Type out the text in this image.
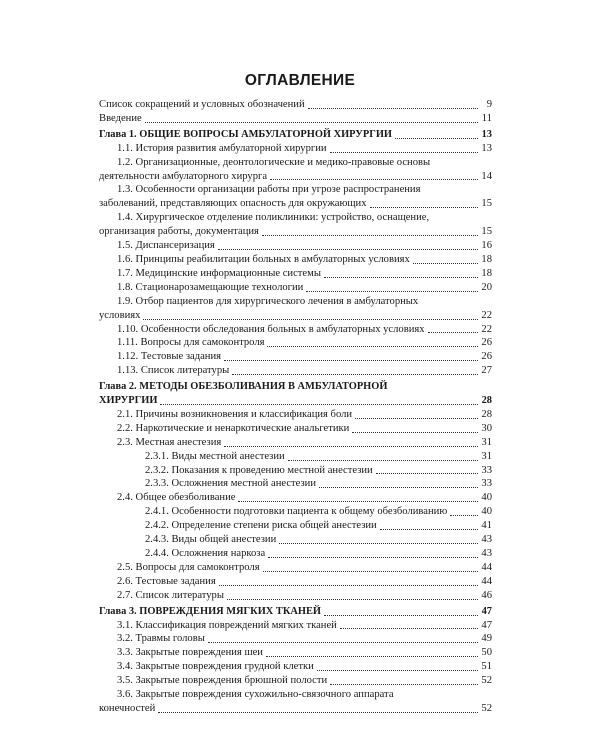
ОГЛАВЛЕНИЕ
Список сокращений и условных обозначений	9
Введение	11
Глава 1. ОБЩИЕ ВОПРОСЫ АМБУЛАТОРНОЙ ХИРУРГИИ	13
1.1. История развития амбулаторной хирургии	13
1.2. Организационные, деонтологические и медико-правовые основы
деятельности амбулаторного хирурга	14
1.3. Особенности организации работы при угрозе распространения
заболеваний, представляющих опасность для окружающих	15
1.4. Хирургическое отделение поликлиники: устройство, оснащение,
организация работы, документация	15
1.5. Диспансеризация	16
1.6. Принципы реабилитации больных в амбулаторных условиях	18
1.7. Медицинские информационные системы	18
1.8. Стационарозамещающие технологии	20
1.9. Отбор пациентов для хирургического лечения в амбулаторных
условиях	22
1.10. Особенности обследования больных в амбулаторных условиях	22
1.11. Вопросы для самоконтроля	26
1.12. Тестовые задания	26
1.13. Список литературы	27
Глава 2. МЕТОДЫ ОБЕЗБОЛИВАНИЯ В АМБУЛАТОРНОЙ
ХИРУРГИИ	28
2.1. Причины возникновения и классификация боли	28
2.2. Наркотические и ненаркотические анальгетики	30
2.3. Местная анестезия	31
2.3.1. Виды местной анестезии	31
2.3.2. Показания к проведению местной анестезии	33
2.3.3. Осложнения местной анестезии	33
2.4. Общее обезболивание	40
2.4.1. Особенности подготовки пациента к общему обезболиванию	40
2.4.2. Определение степени риска общей анестезии	41
2.4.3. Виды общей анестезии	43
2.4.4. Осложнения наркоза	43
2.5. Вопросы для самоконтроля	44
2.6. Тестовые задания	44
2.7. Список литературы	46
Глава 3. ПОВРЕЖДЕНИЯ МЯГКИХ ТКАНЕЙ	47
3.1. Классификация повреждений мягких тканей	47
3.2. Травмы головы	49
3.3. Закрытые повреждения шеи	50
3.4. Закрытые повреждения грудной клетки	51
3.5. Закрытые повреждения брюшной полости	52
3.6. Закрытые повреждения сухожильно-связочного аппарата
конечностей	52
